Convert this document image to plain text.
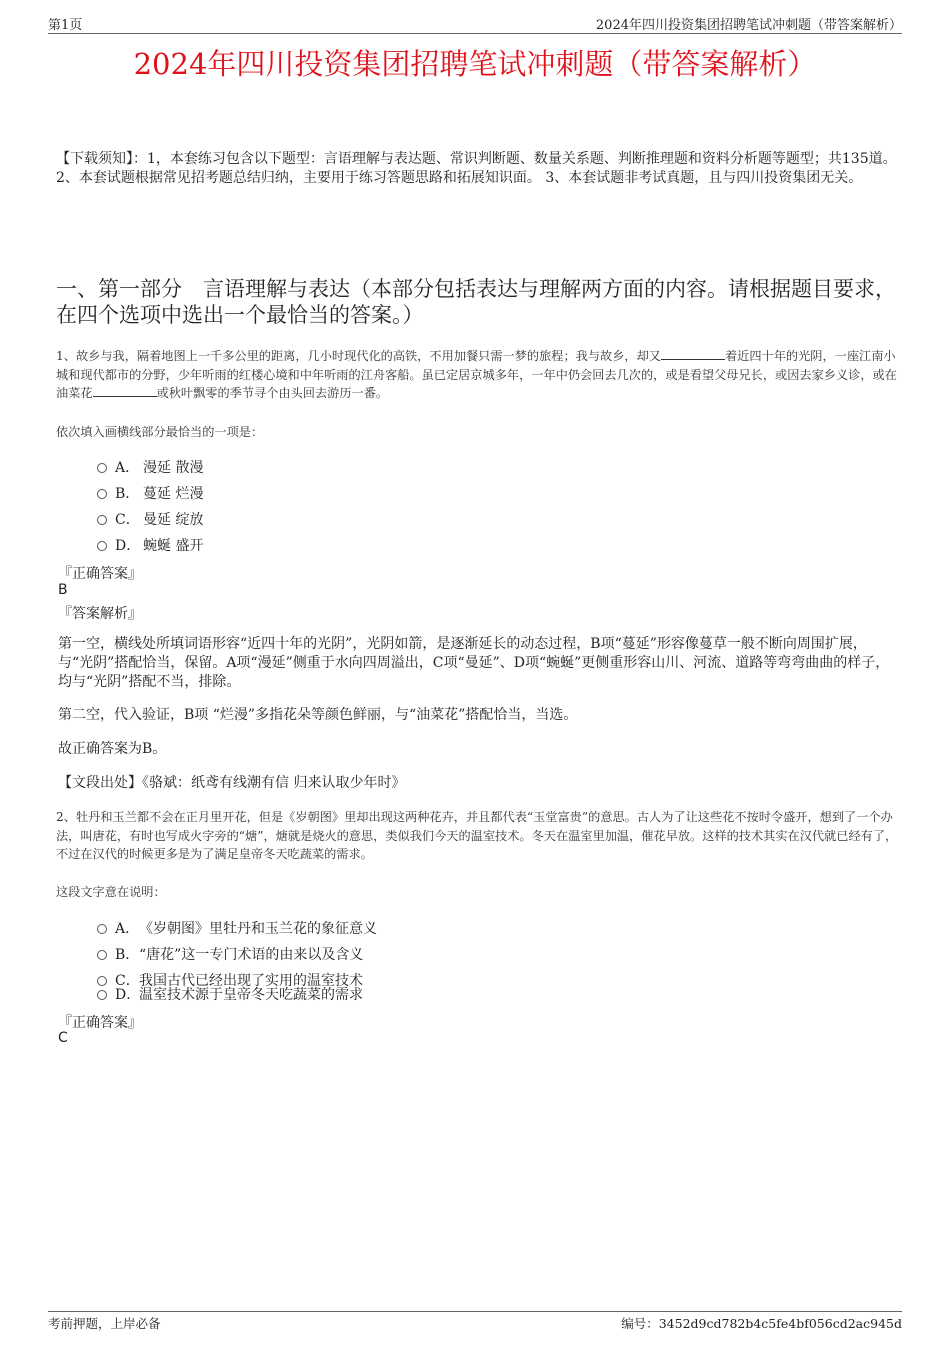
第1页	2024年四川投资集团招聘笔试冲刺题（带答案解析）
2024年四川投资集团招聘笔试冲刺题（带答案解析）
【下载须知】：1，本套练习包含以下题型：言语理解与表达题、常识判断题、数量关系题、判断推理题和资料分析题等题型；共135道。 2、本套试题根据常见招考题总结归纳，主要用于练习答题思路和拓展知识面。 3、本套试题非考试真题，且与四川投资集团无关。
一、第一部分　言语理解与表达（本部分包括表达与理解两方面的内容。请根据题目要求，在四个选项中选出一个最恰当的答案。）
1、故乡与我，隔着地图上一千多公里的距离，几小时现代化的高铁，不用加餐只需一梦的旅程；我与故乡，却又	着近四十年的光阴，一座江南小城和现代都市的分野，少年听雨的红楼心境和中年听雨的江舟客船。虽已定居京城多年，一年中仍会回去几次的，或是看望父母兄长，或因去家乡义诊，或在油菜花	或秋叶飘零的季节寻个由头回去游历一番。
依次填入画横线部分最恰当的一项是：
A． 漫延 散漫
B． 蔓延 烂漫
C． 曼延 绽放
D． 蜿蜒 盛开
『正确答案』
B
『答案解析』
第一空，横线处所填词语形容“近四十年的光阴”，光阴如箭，是逐渐延长的动态过程，B项“蔓延”形容像蔓草一般不断向周围扩展，与“光阴”搭配恰当，保留。A项“漫延”侧重于水向四周溢出，C项“曼延”、D项“蜿蜒”更侧重形容山川、河流、道路等弯弯曲曲的样子，均与“光阴”搭配不当，排除。
第二空，代入验证，B项 “烂漫”多指花朵等颜色鲜丽，与“油菜花”搭配恰当，当选。
故正确答案为B。
【文段出处】《骆斌：纸鸢有线潮有信 归来认取少年时》
2、牡丹和玉兰都不会在正月里开花，但是《岁朝图》里却出现这两种花卉，并且都代表“玉堂富贵”的意思。古人为了让这些花不按时令盛开，想到了一个办法，叫唐花，有时也写成火字旁的“煻”，煻就是烧火的意思，类似我们今天的温室技术。冬天在温室里加温，催花早放。这样的技术其实在汉代就已经有了，不过在汉代的时候更多是为了满足皇帝冬天吃蔬菜的需求。
这段文字意在说明：
A．《岁朝图》里牡丹和玉兰花的象征意义
B．“唐花”这一专门术语的由来以及含义
C．我国古代已经出现了实用的温室技术
D．温室技术源于皇帝冬天吃蔬菜的需求
『正确答案』
C
考前押题，上岸必备	编号：3452d9cd782b4c5fe4bf056cd2ac945d
